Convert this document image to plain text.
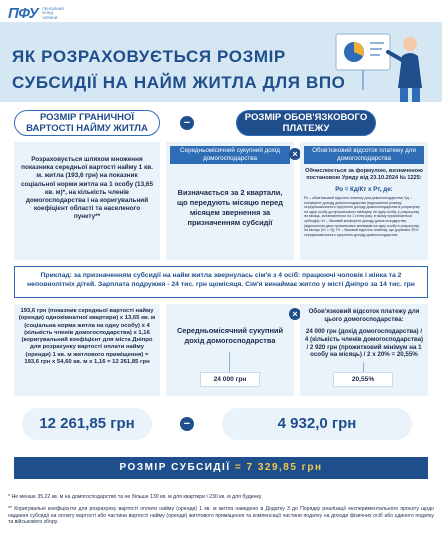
ПФУ ПЕНСІЙНИЙ
ФОНД
УКРАЇНИ
ЯК РОЗРАХОВУЄТЬСЯ РОЗМІР
СУБСИДІЇ НА НАЙМ ЖИТЛА ДЛЯ ВПО
РОЗМІР ГРАНИЧНОЇ ВАРТОСТІ НАЙМУ ЖИТЛА	−	РОЗМІР ОБОВ'ЯЗКОВОГО ПЛАТЕЖУ
Розраховується шляхом множення показника середньої вартості найму 1 кв. м. житла (193,6 грн) на показник соціальної норми житла на 1 особу (13,65 кв. м)*, на кількість членів домогосподарства і на коригувальний коефіцієнт області та населеного пункту**
Середньомісячний сукупний дохід домогосподарства
Визначається за 2 квартали, що передують місяцю перед місяцем звернення за призначенням субсидії
×	Обов'язковий відсоток платежу для домогосподарства
Обчислюється за формулою, визначеною постановою Уряду від 23.10.2024 № 1225:
Ро = Кд/Кт х Рт, де:
Ро – обов'язковий відсоток платежу для домогосподарства; Кд – коефіцієнт доходу домогосподарства (відношення розміру середньомісячного сукупного доходу домогосподарства в розрахунку на одну особу до прожиткового мінімуму на одну особу, у розрахунку на місяць, встановленого на 1 січня року, в якому призначається субсидія); Кт – базовий коефіцієнт доходу домогосподарства (відношення двох прожиткових мінімумів на одну особу в розрахунку на місяць (Кт = 2)); Рт – базовий відсоток платежу, що дорівнює 20% середньомісячного сукупного доходу домогосподарства
Приклад: за призначенням субсидії на найм житла звернулась сім'я з 4 осіб: працюючі чоловік і жінка та 2 неповнолітніх дітей. Зарплата подружжя - 24 тис. грн щомісяця. Сім'я винаймає житло у місті Дніпро за 14 тис. грн
193,6 грн (показник середньої вартості найму (оренди) однокімнатної квартири) х 13,65 кв. м (соціальна норма житла на одну особу) х 4 (кількість членів домогосподарства) х 1,16 (коригувальний коефіцієнт для міста Дніпро для розрахунку вартості оплати найму (оренди) 1 кв. м житлового приміщення) = 193,6 грн х 54,60 кв. м х 1,16 = 12 261,85 грн
Середньомісячний сукупний дохід домогосподарства
24 000 грн
×	Обов'язковий відсоток платежу для цього домогосподарства:
24 000 грн (дохід домогосподарства) / 4 (кількість членів домогосподарства) / 2 920 грн (прожитковий мінімум на 1 особу на місяць) / 2 х 20% = 20,55%
20,55%
12 261,85 грн	−	4 932,0 грн
РОЗМІР СУБСИДІЇ = 7 329,85 грн
* Не менше 35,22 кв. м на домогосподарство та не більше 130 кв. м для квартири і 230 кв. м для будинку.
** Коригувальні коефіцієнти для розрахунку вартості оплати найму (оренди) 1 кв. м житла наведено в Додатку 3 до Порядку реалізації експериментального проєкту щодо надання субсидії на оплату вартості або частини вартості найму (оренди) житлового приміщення та компенсації частини податку на доходи фізичних осіб або єдиного податку та військового збору.
